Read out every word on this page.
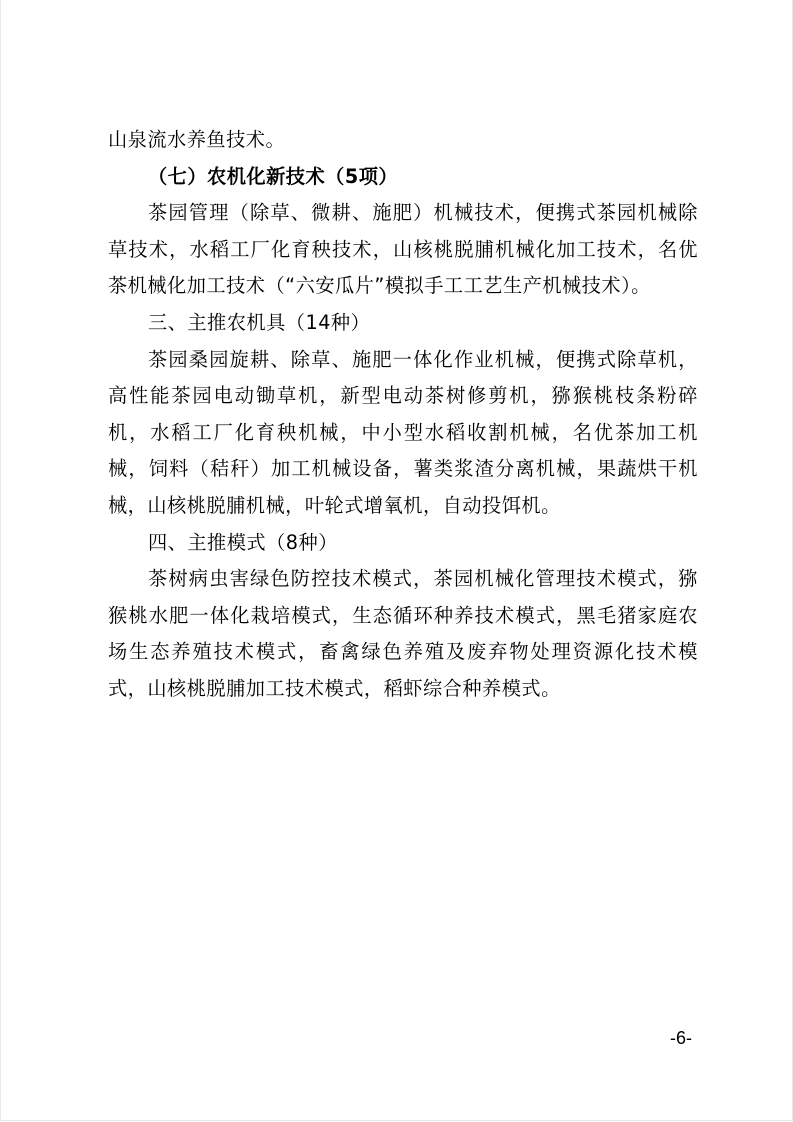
山泉流水养鱼技术。

（七）农机化新技术（5项）

茶园管理（除草、微耕、施肥）机械技术，便携式茶园机械除草技术，水稻工厂化育秧技术，山核桃脱脯机械化加工技术，名优茶机械化加工技术（“六安瓜片”模拟手工工艺生产机械技术）。

三、主推农机具（14种）

茶园桑园旋耕、除草、施肥一体化作业机械，便携式除草机，高性能茶园电动锄草机，新型电动茶树修剪机，猕猴桃枝条粉碎机，水稻工厂化育秧机械，中小型水稻收割机械，名优茶加工机械，饲料（秸秆）加工机械设备，薯类浆渣分离机械，果蔬烘干机械，山核桃脱脯机械，叶轮式增氧机，自动投饵机。

四、主推模式（8种）

茶树病虫害绿色防控技术模式，茶园机械化管理技术模式，猕猴桃水肥一体化栽培模式，生态循环种养技术模式，黑毛猪家庭农场生态养殖技术模式，畜禽绿色养殖及废弃物处理资源化技术模式，山核桃脱脯加工技术模式，稻虾综合种养模式。

-6-
